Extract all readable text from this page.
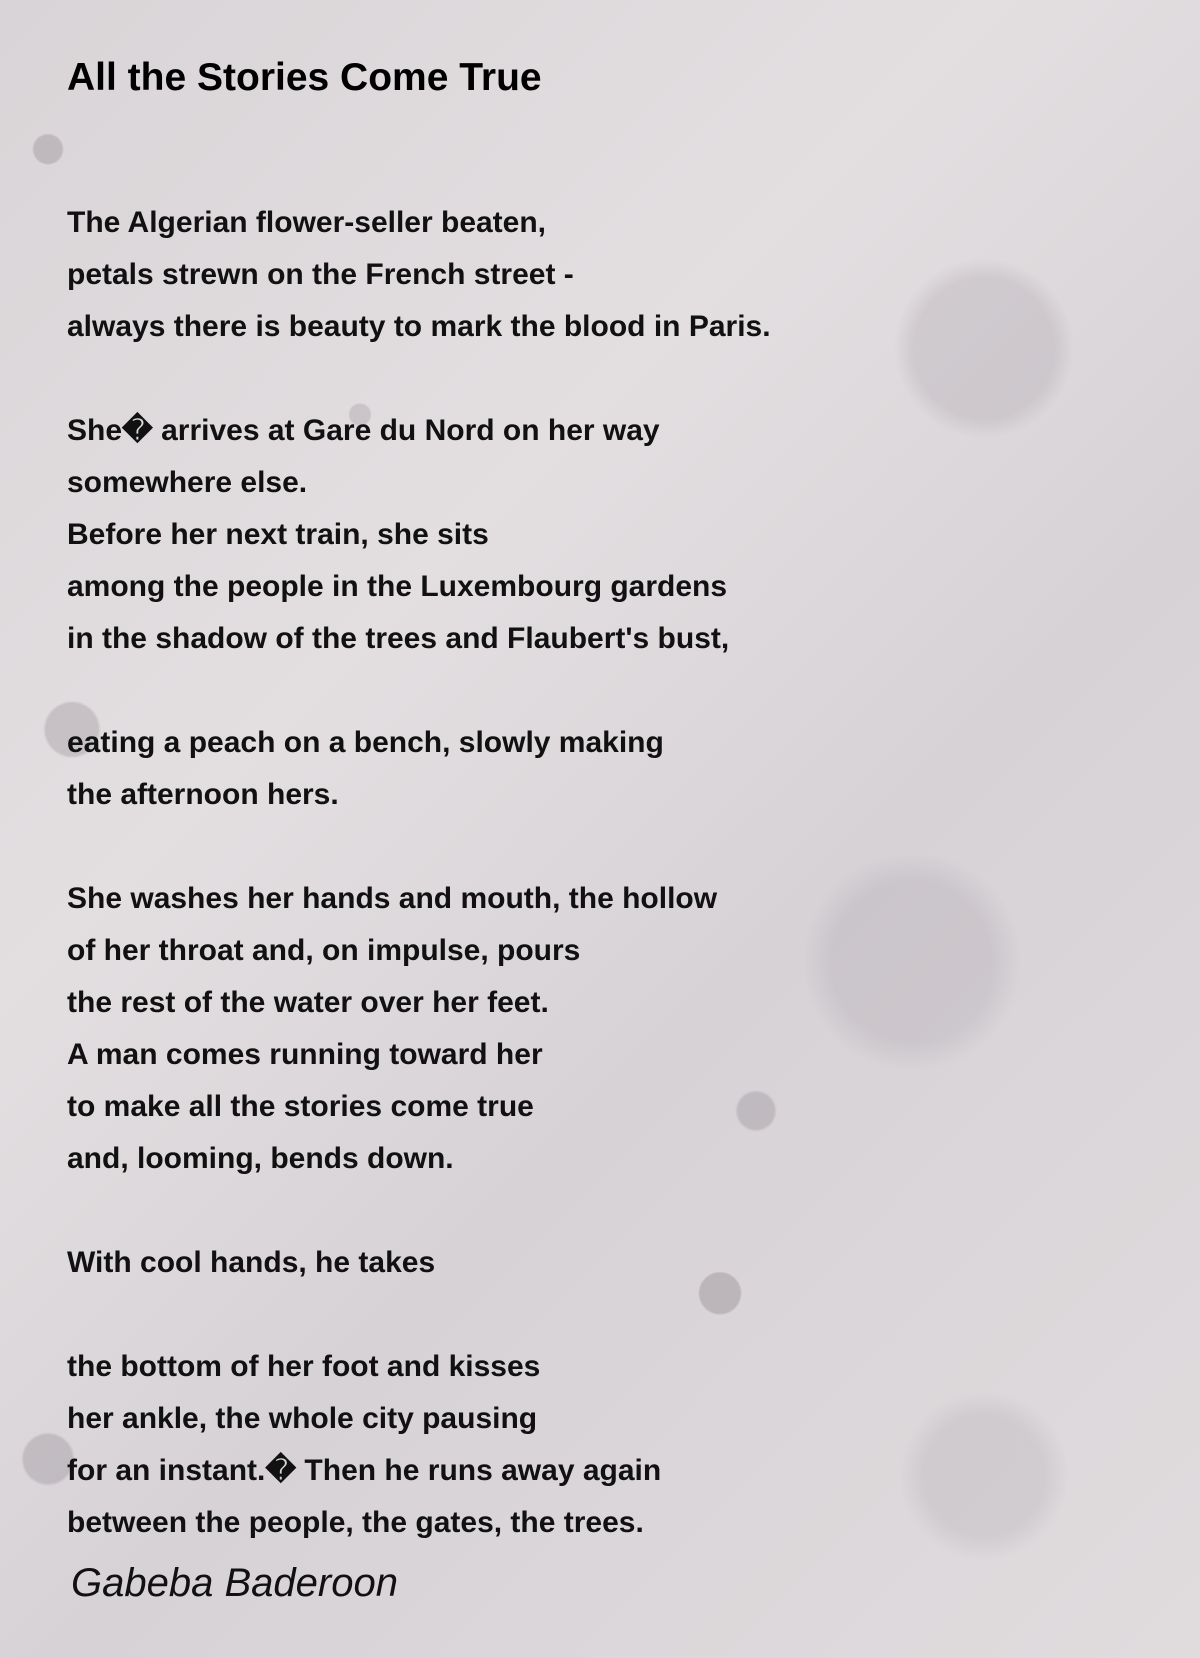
All the Stories Come True
The Algerian flower-seller beaten,
petals strewn on the French street -
always there is beauty to mark the blood in Paris.
She� arrives at Gare du Nord on her way
somewhere else.
Before her next train, she sits
among the people in the Luxembourg gardens
in the shadow of the trees and Flaubert's bust,
eating a peach on a bench, slowly making
the afternoon hers.
She washes her hands and mouth, the hollow
of her throat and, on impulse, pours
the rest of the water over her feet.
A man comes running toward her
to make all the stories come true
and, looming, bends down.
With cool hands, he takes
the bottom of her foot and kisses
her ankle, the whole city pausing
for an instant.� Then he runs away again
between the people, the gates, the trees.
Gabeba Baderoon
